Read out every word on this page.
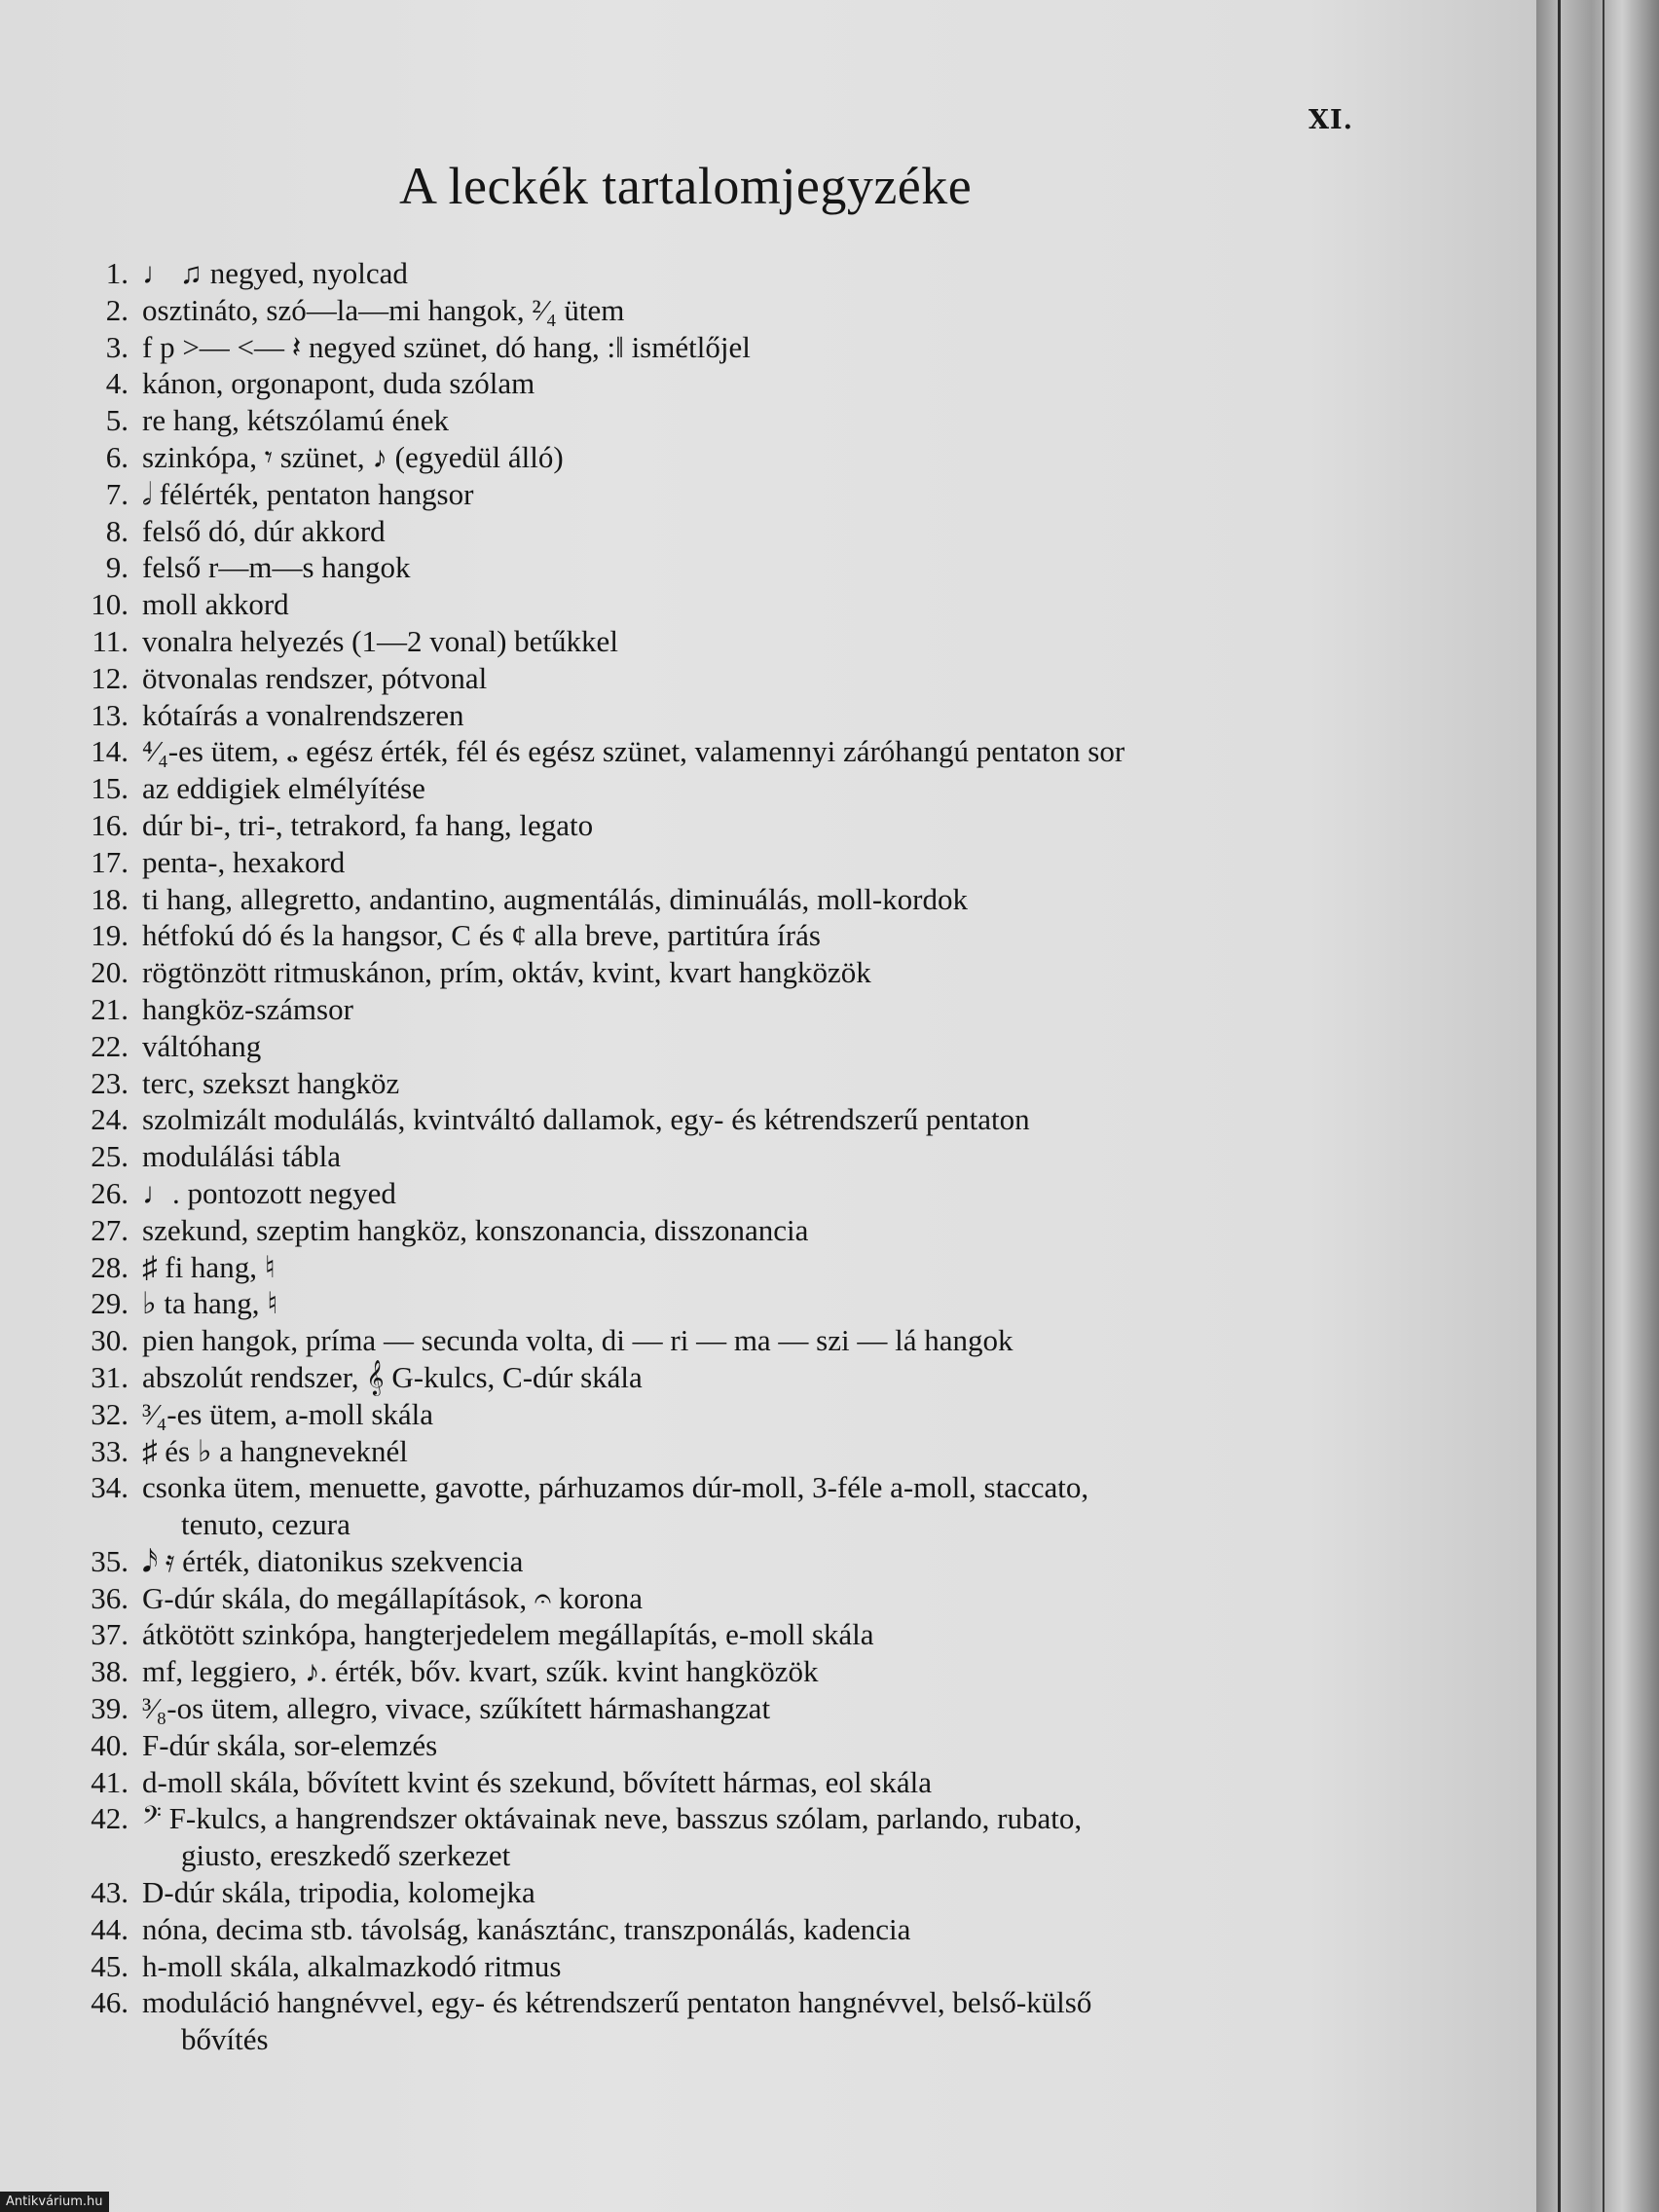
XI.
A leckék tartalomjegyzéke
1. ♩ ♫ negyed, nyolcad
2. osztináto, szó—la—mi hangok, ²⁄₄ ütem
3. f p >— <— 𝄽 negyed szünet, dó hang, :‖ ismétlőjel
4. kánon, orgonapont, duda szólam
5. re hang, kétszólamú ének
6. szinkópa, 𝄾 szünet, ♪ (egyedül álló)
7. 𝅗𝅥 félérték, pentaton hangsor
8. felső dó, dúr akkord
9. felső r—m—s hangok
10. moll akkord
11. vonalra helyezés (1—2 vonal) betűkkel
12. ötvonalas rendszer, pótvonal
13. kótaírás a vonalrendszeren
14. ⁴⁄₄-es ütem, 𝅝 egész érték, fél és egész szünet, valamennyi záróhangú pentaton sor
15. az eddigiek elmélyítése
16. dúr bi-, tri-, tetrakord, fa hang, legato
17. penta-, hexakord
18. ti hang, allegretto, andantino, augmentálás, diminuálás, moll-kordok
19. hétfokú dó és la hangsor, C és ¢ alla breve, partitúra írás
20. rögtönzött ritmuskánon, prím, oktáv, kvint, kvart hangközök
21. hangköz-számsor
22. váltóhang
23. terc, szekszt hangköz
24. szolmizált modulálás, kvintváltó dallamok, egy- és kétrendszerű pentaton
25. modulálási tábla
26. ♩. pontozott negyed
27. szekund, szeptim hangköz, konszonancia, disszonancia
28. ♯ fi hang, ♮
29. ♭ ta hang, ♮
30. pien hangok, príma — secunda volta, di — ri — ma — szi — lá hangok
31. abszolút rendszer, 𝄞 G-kulcs, C-dúr skála
32. ³⁄₄-es ütem, a-moll skála
33. ♯ és ♭ a hangneveknél
34. csonka ütem, menuette, gavotte, párhuzamos dúr-moll, 3-féle a-moll, staccato,
tenuto, cezura
35. 𝅘𝅥𝅯 𝄿 érték, diatonikus szekvencia
36. G-dúr skála, do megállapítások, 𝄐 korona
37. átkötött szinkópa, hangterjedelem megállapítás, e-moll skála
38. mf, leggiero, ♪. érték, bőv. kvart, szűk. kvint hangközök
39. ³⁄₈-os ütem, allegro, vivace, szűkített hármashangzat
40. F-dúr skála, sor-elemzés
41. d-moll skála, bővített kvint és szekund, bővített hármas, eol skála
42. 𝄢 F-kulcs, a hangrendszer oktávainak neve, basszus szólam, parlando, rubato,
giusto, ereszkedő szerkezet
43. D-dúr skála, tripodia, kolomejka
44. nóna, decima stb. távolság, kanásztánc, transzponálás, kadencia
45. h-moll skála, alkalmazkodó ritmus
46. moduláció hangnévvel, egy- és kétrendszerű pentaton hangnévvel, belső-külső
bővítés
Antikvárium.hu
